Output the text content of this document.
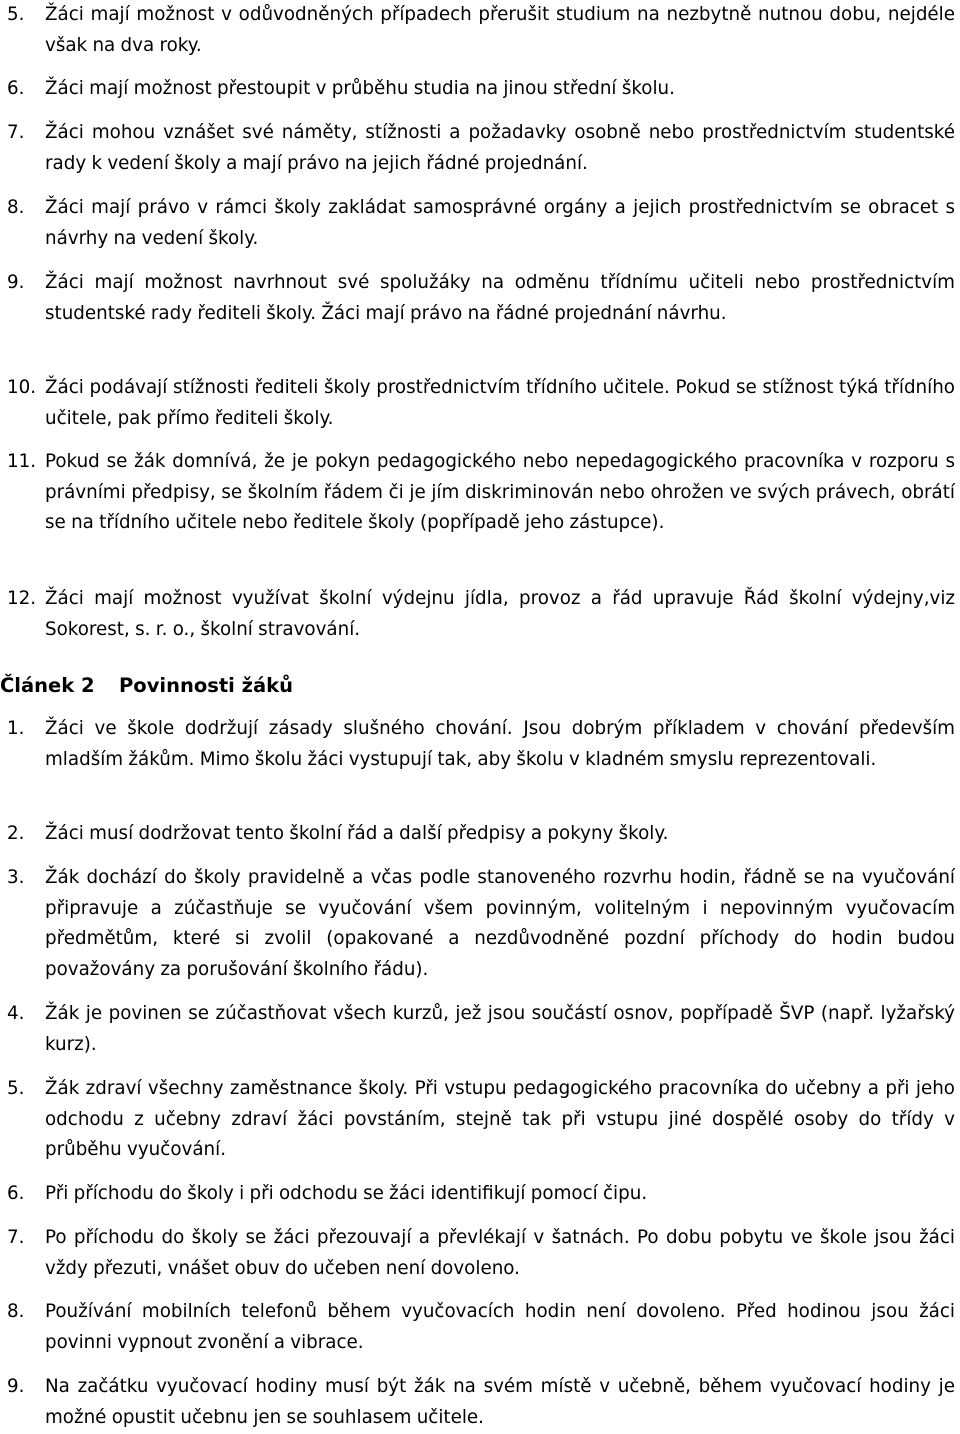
5.	Žáci mají možnost v odůvodněných případech přerušit studium na nezbytně nutnou dobu, nejdéle však na dva roky.
6.	Žáci mají možnost přestoupit v průběhu studia na jinou střední školu.
7.	Žáci mohou vznášet své náměty, stížnosti a požadavky osobně nebo prostřednictvím studentské rady k vedení školy a mají právo na jejich řádné projednání.
8.	Žáci mají právo v rámci školy zakládat samosprávné orgány a jejich prostřednictvím se obracet s návrhy na vedení školy.
9.	Žáci mají možnost navrhnout své spolužáky na odměnu třídnímu učiteli nebo prostřednictvím studentské rady řediteli školy. Žáci mají právo na řádné projednání návrhu.
10. Žáci podávají stížnosti řediteli školy prostřednictvím třídního učitele. Pokud se stížnost týká třídního učitele, pak přímo řediteli školy.
11. Pokud se žák domnívá, že je pokyn pedagogického nebo nepedagogického pracovníka v rozporu s právními předpisy, se školním řádem či je jím diskriminován nebo ohrožen ve svých právech, obrátí se na třídního učitele nebo ředitele školy (popřípadě jeho zástupce).
12. Žáci mají možnost využívat školní výdejnu jídla, provoz a řád upravuje Řád školní výdejny,viz Sokorest, s. r. o., školní stravování.
Článek 2 Povinnosti žáků
1.	Žáci ve škole dodržují zásady slušného chování. Jsou dobrým příkladem v chování především mladším žákům. Mimo školu žáci vystupují tak, aby školu v kladném smyslu reprezentovali.
2.	Žáci musí dodržovat tento školní řád a další předpisy a pokyny školy.
3.	Žák dochází do školy pravidelně a včas podle stanoveného rozvrhu hodin, řádně se na vyučování připravuje a zúčastňuje se vyučování všem povinným, volitelným i nepovinným vyučovacím předmětům, které si zvolil (opakované a nezdůvodněné pozdní příchody do hodin budou považovány za porušování školního řádu).
4.	Žák je povinen se zúčastňovat všech kurzů, jež jsou součástí osnov, popřípadě ŠVP (např. lyžařský kurz).
5.	Žák zdraví všechny zaměstnance školy. Při vstupu pedagogického pracovníka do učebny a při jeho odchodu z učebny zdraví žáci povstáním, stejně tak při vstupu jiné dospělé osoby do třídy v průběhu vyučování.
6.	Při příchodu do školy i při odchodu se žáci identifikují pomocí čipu.
7.	Po příchodu do školy se žáci přezouvají a převlékají v šatnách. Po dobu pobytu ve škole jsou žáci vždy přezuti, vnášet obuv do učeben není dovoleno.
8.	Používání mobilních telefonů během vyučovacích hodin není dovoleno. Před hodinou jsou žáci povinni vypnout zvonění a vibrace.
9.	Na začátku vyučovací hodiny musí být žák na svém místě v učebně, během vyučovací hodiny je možné opustit učebnu jen se souhlasem učitele.
